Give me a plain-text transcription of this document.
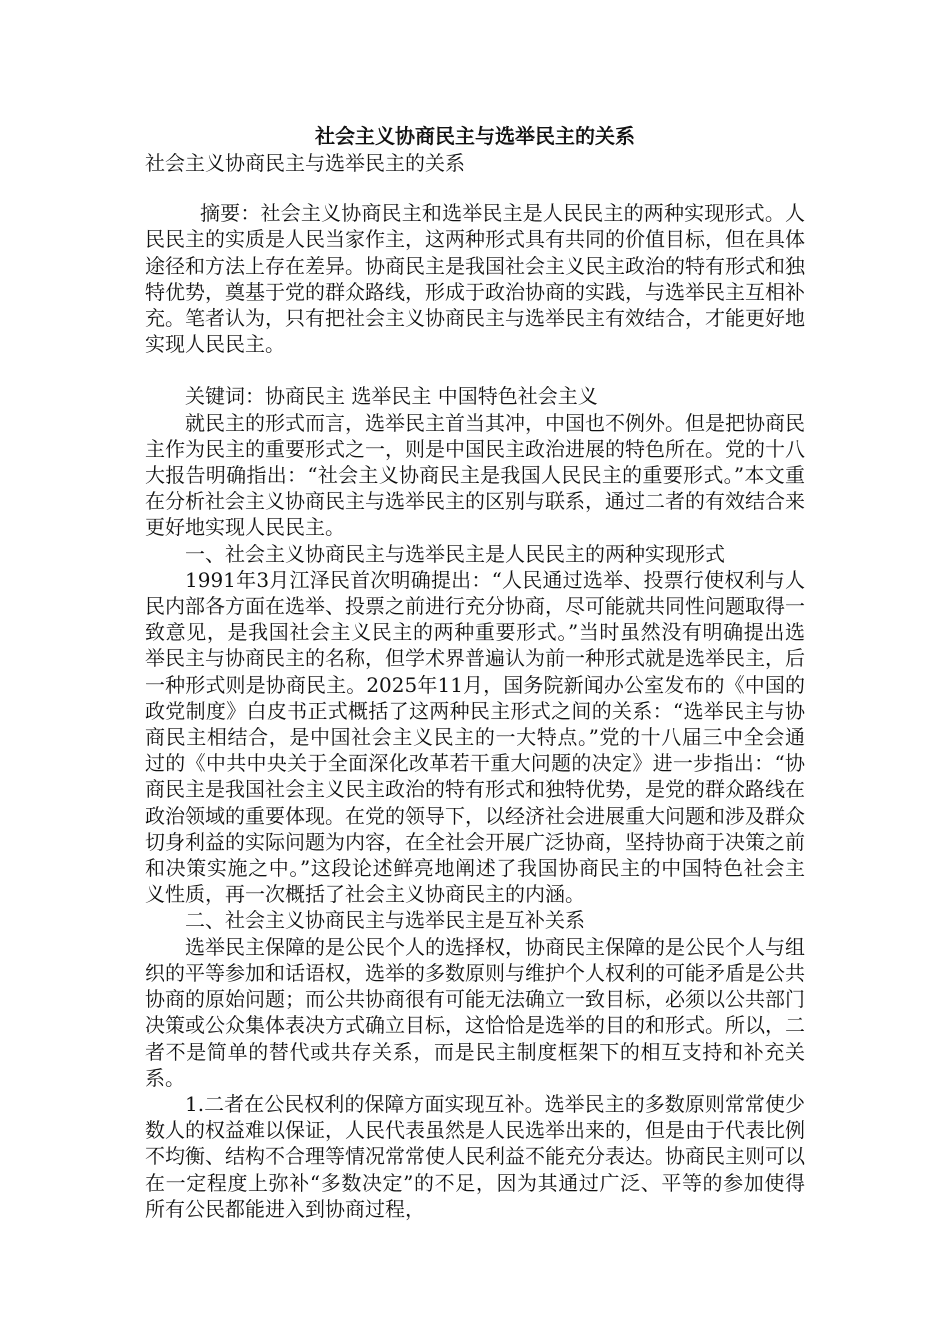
社会主义协商民主与选举民主的关系

社会主义协商民主与选举民主的关系

摘要：社会主义协商民主和选举民主是人民民主的两种实现形式。人民民主的实质是人民当家作主，这两种形式具有共同的价值目标，但在具体途径和方法上存在差异。协商民主是我国社会主义民主政治的特有形式和独特优势，奠基于党的群众路线，形成于政治协商的实践，与选举民主互相补充。笔者认为，只有把社会主义协商民主与选举民主有效结合，才能更好地实现人民民主。

关键词：协商民主 选举民主 中国特色社会主义

就民主的形式而言，选举民主首当其冲，中国也不例外。但是把协商民主作为民主的重要形式之一，则是中国民主政治进展的特色所在。党的十八大报告明确指出：“社会主义协商民主是我国人民民主的重要形式。”本文重在分析社会主义协商民主与选举民主的区别与联系，通过二者的有效结合来更好地实现人民民主。

一、社会主义协商民主与选举民主是人民民主的两种实现形式

1991年3月江泽民首次明确提出：“人民通过选举、投票行使权利与人民内部各方面在选举、投票之前进行充分协商，尽可能就共同性问题取得一致意见，是我国社会主义民主的两种重要形式。”当时虽然没有明确提出选举民主与协商民主的名称，但学术界普遍认为前一种形式就是选举民主，后一种形式则是协商民主。2025年11月，国务院新闻办公室发布的《中国的政党制度》白皮书正式概括了这两种民主形式之间的关系：“选举民主与协商民主相结合，是中国社会主义民主的一大特点。”党的十八届三中全会通过的《中共中央关于全面深化改革若干重大问题的决定》进一步指出：“协商民主是我国社会主义民主政治的特有形式和独特优势，是党的群众路线在政治领域的重要体现。在党的领导下，以经济社会进展重大问题和涉及群众切身利益的实际问题为内容，在全社会开展广泛协商，坚持协商于决策之前和决策实施之中。”这段论述鲜亮地阐述了我国协商民主的中国特色社会主义性质，再一次概括了社会主义协商民主的内涵。

二、社会主义协商民主与选举民主是互补关系

选举民主保障的是公民个人的选择权，协商民主保障的是公民个人与组织的平等参加和话语权，选举的多数原则与维护个人权利的可能矛盾是公共协商的原始问题；而公共协商很有可能无法确立一致目标，必须以公共部门决策或公众集体表决方式确立目标，这恰恰是选举的目的和形式。所以，二者不是简单的替代或共存关系，而是民主制度框架下的相互支持和补充关系。

1.二者在公民权利的保障方面实现互补。选举民主的多数原则常常使少数人的权益难以保证，人民代表虽然是人民选举出来的，但是由于代表比例不均衡、结构不合理等情况常常使人民利益不能充分表达。协商民主则可以在一定程度上弥补“多数决定”的不足，因为其通过广泛、平等的参加使得所有公民都能进入到协商过程，
